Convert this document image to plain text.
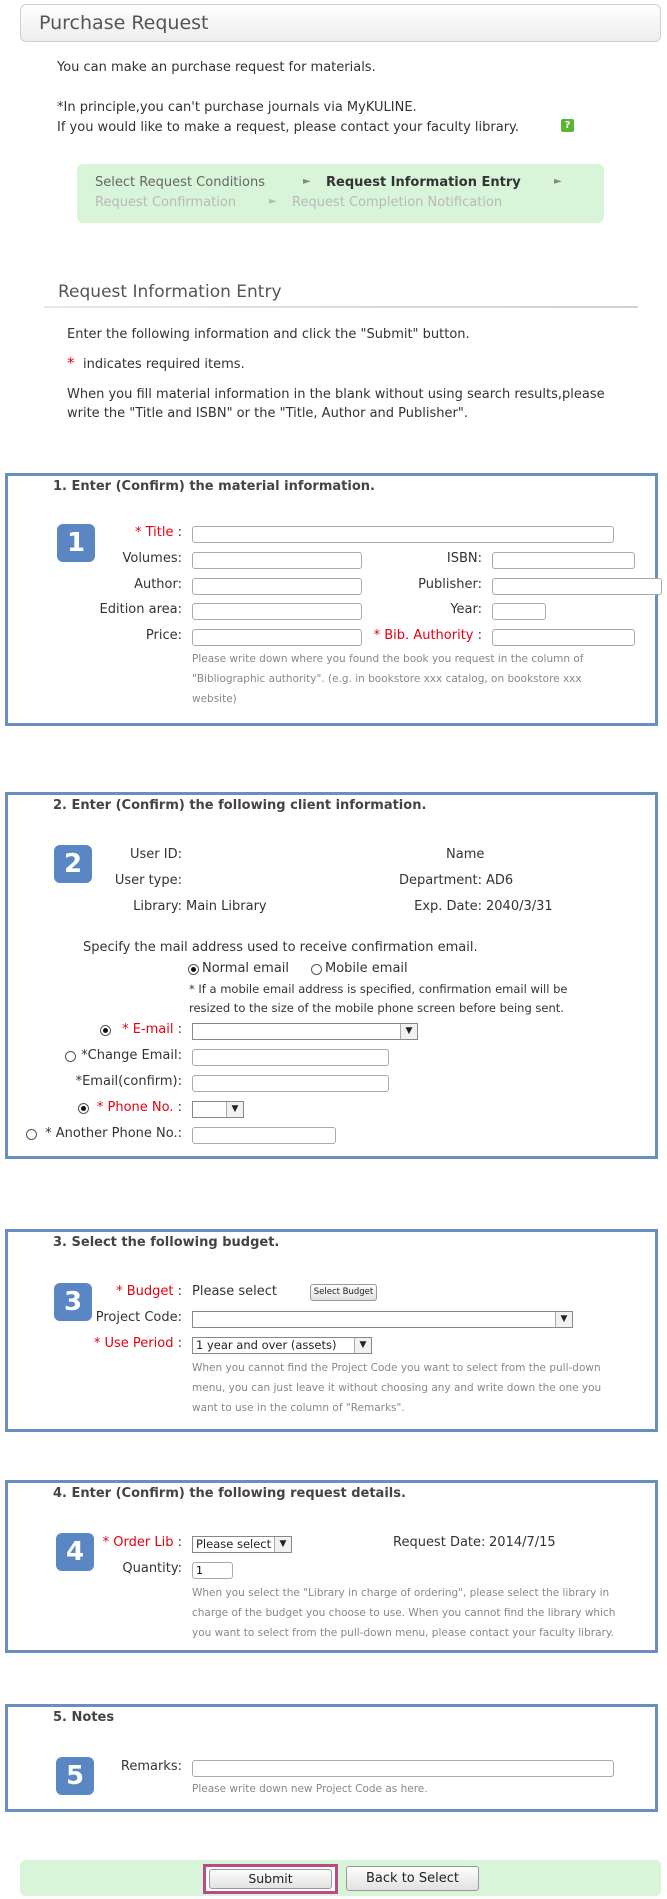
Purchase Request
You can make an purchase request for materials.
*In principle,you can't purchase journals via MyKULINE.
If you would like to make a request, please contact your faculty library.	?
Select Request Conditions	► Request Information Entry	►
Request Confirmation	► Request Completion Notification
Request Information Entry
Enter the following information and click the "Submit" button.
* indicates required items.
When you fill material information in the blank without using search results,please
write the "Title and ISBN" or the "Title, Author and Publisher".
1. Enter (Confirm) the material information.
1	* Title :
Volumes:	ISBN:
Author:	Publisher:
Edition area:	Year:
Price:	* Bib. Authority :
Please write down where you found the book you request in the column of
"Bibliographic authority". (e.g. in bookstore xxx catalog, on bookstore xxx
website)
2. Enter (Confirm) the following client information.
2	User ID:	Name
User type:	Department: AD6
Library: Main Library	Exp. Date: 2040/3/31
Specify the mail address used to receive confirmation email.
Normal email	Mobile email
* If a mobile email address is specified, confirmation email will be
resized to the size of the mobile phone screen before being sent.
* E-mail :	▼
*Change Email:
*Email(confirm):
* Phone No. :	▼
* Another Phone No.:
3. Select the following budget.
3	* Budget : Please select	Select Budget
Project Code:	▼
* Use Period :	1 year and over (assets)	▼
When you cannot find the Project Code you want to select from the pull-down
menu, you can just leave it without choosing any and write down the one you
want to use in the column of "Remarks".
4. Enter (Confirm) the following request details.
4	* Order Lib :	Please select ▼	Request Date: 2014/7/15
Quantity:
1
When you select the "Library in charge of ordering", please select the library in
charge of the budget you choose to use. When you cannot find the library which
you want to select from the pull-down menu, please contact your faculty library.
5. Notes
5	Remarks:
Please write down new Project Code as here.
Submit	Back to Select
